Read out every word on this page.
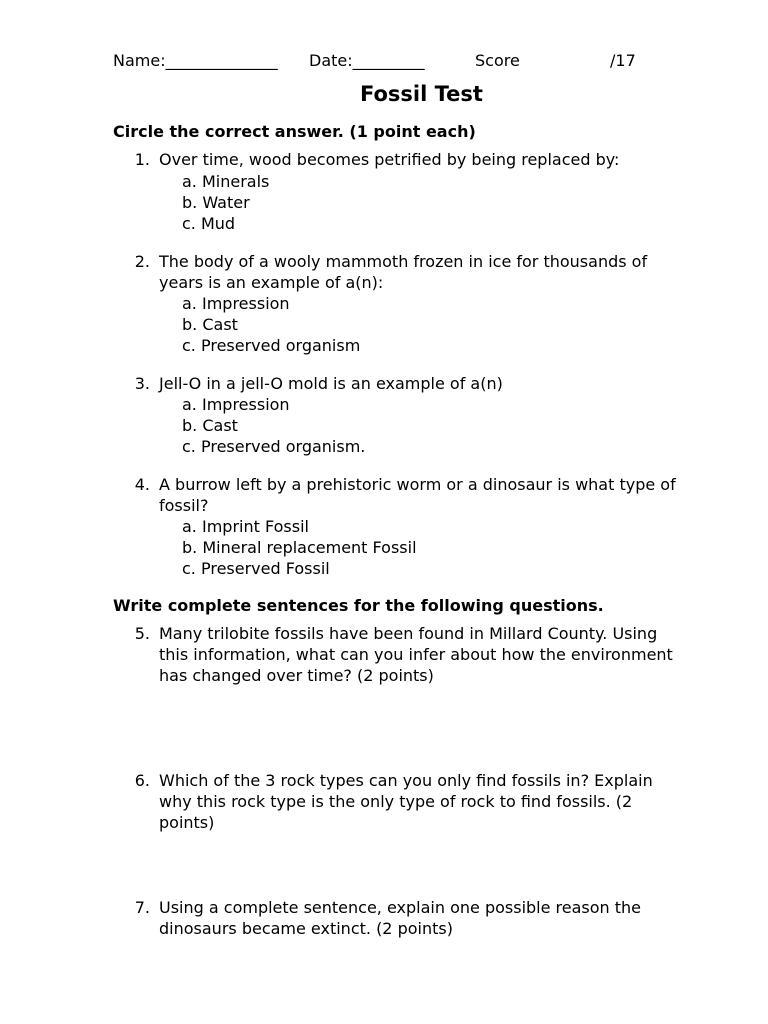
Name:______________ Date:_________	Score	/17
Fossil Test
Circle the correct answer. (1 point each)
1. Over time, wood becomes petrified by being replaced by:
a. Minerals
b. Water
c. Mud
2. The body of a wooly mammoth frozen in ice for thousands of
years is an example of a(n):
a. Impression
b. Cast
c. Preserved organism
3. Jell-O in a jell-O mold is an example of a(n)
a. Impression
b. Cast
c. Preserved organism.
4. A burrow left by a prehistoric worm or a dinosaur is what type of
fossil?
a. Imprint Fossil
b. Mineral replacement Fossil
c. Preserved Fossil
Write complete sentences for the following questions.
5. Many trilobite fossils have been found in Millard County. Using
this information, what can you infer about how the environment
has changed over time? (2 points)
6. Which of the 3 rock types can you only find fossils in? Explain
why this rock type is the only type of rock to find fossils. (2
points)
7. Using a complete sentence, explain one possible reason the
dinosaurs became extinct. (2 points)
